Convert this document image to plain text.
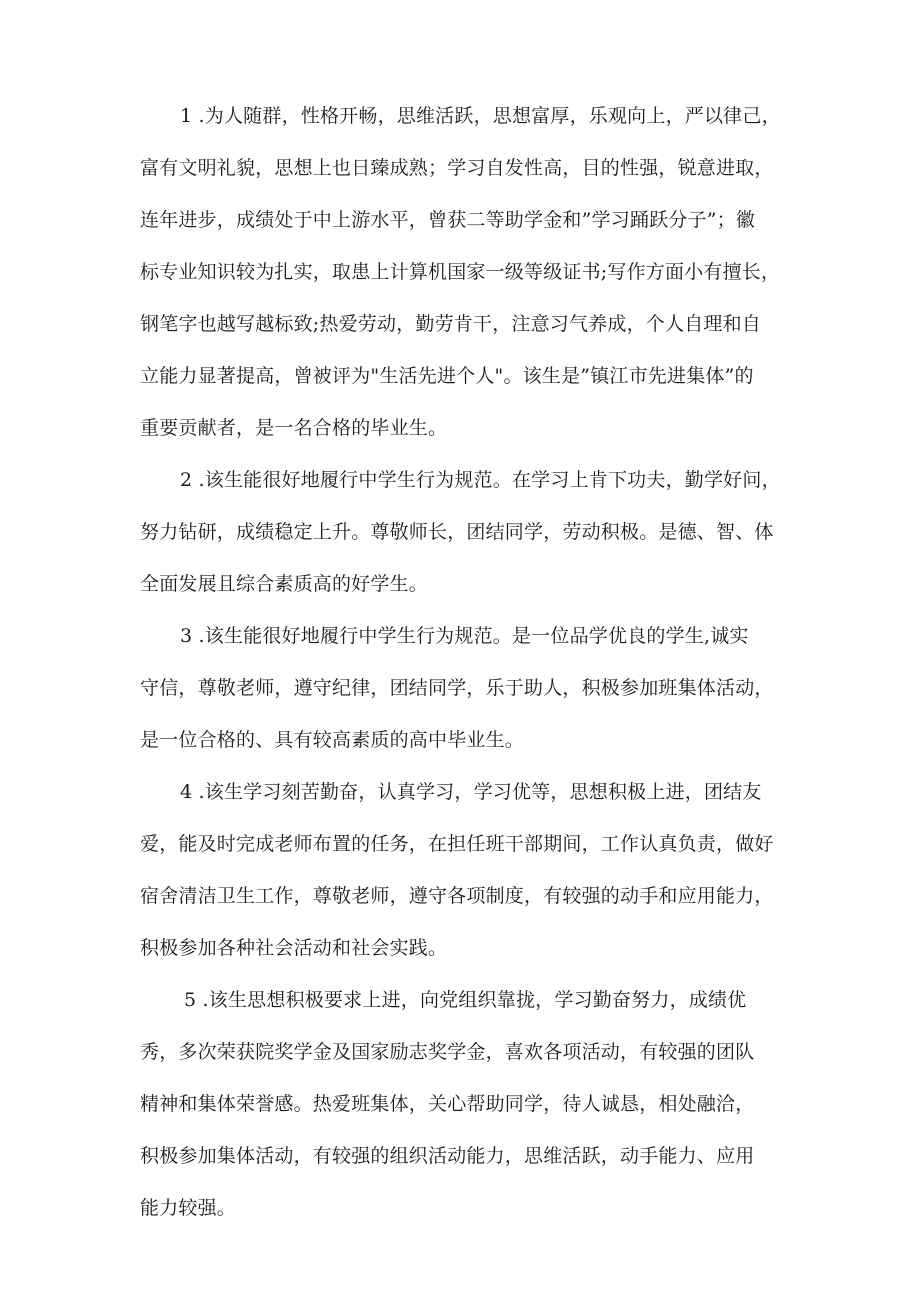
1 .为人随群，性格开畅，思维活跃，思想富厚，乐观向上，严以律己，
富有文明礼貌，思想上也日臻成熟；学习自发性高，目的性强，锐意进取，
连年进步，成绩处于中上游水平，曾获二等助学金和”学习踊跃分子”；徽
标专业知识较为扎实，取患上计算机国家一级等级证书;写作方面小有擅长，
钢笔字也越写越标致;热爱劳动，勤劳肯干，注意习气养成，个人自理和自
立能力显著提高，曾被评为"生活先进个人"。该生是”镇江市先进集体”的
重要贡献者，是一名合格的毕业生。
2 .该生能很好地履行中学生行为规范。在学习上肯下功夫，勤学好问，
努力钻研，成绩稳定上升。尊敬师长，团结同学，劳动积极。是德、智、体
全面发展且综合素质高的好学生。
3 .该生能很好地履行中学生行为规范。是一位品学优良的学生,诚实
守信，尊敬老师，遵守纪律，团结同学，乐于助人，积极参加班集体活动，
是一位合格的、具有较高素质的高中毕业生。
4 .该生学习刻苦勤奋，认真学习，学习优等，思想积极上进，团结友
爱，能及时完成老师布置的任务，在担任班干部期间，工作认真负责，做好
宿舍清洁卫生工作，尊敬老师，遵守各项制度，有较强的动手和应用能力，
积极参加各种社会活动和社会实践。
5 .该生思想积极要求上进，向党组织靠拢，学习勤奋努力，成绩优
秀，多次荣获院奖学金及国家励志奖学金，喜欢各项活动，有较强的团队
精神和集体荣誉感。热爱班集体，关心帮助同学，待人诚恳，相处融洽，
积极参加集体活动，有较强的组织活动能力，思维活跃，动手能力、应用
能力较强。
